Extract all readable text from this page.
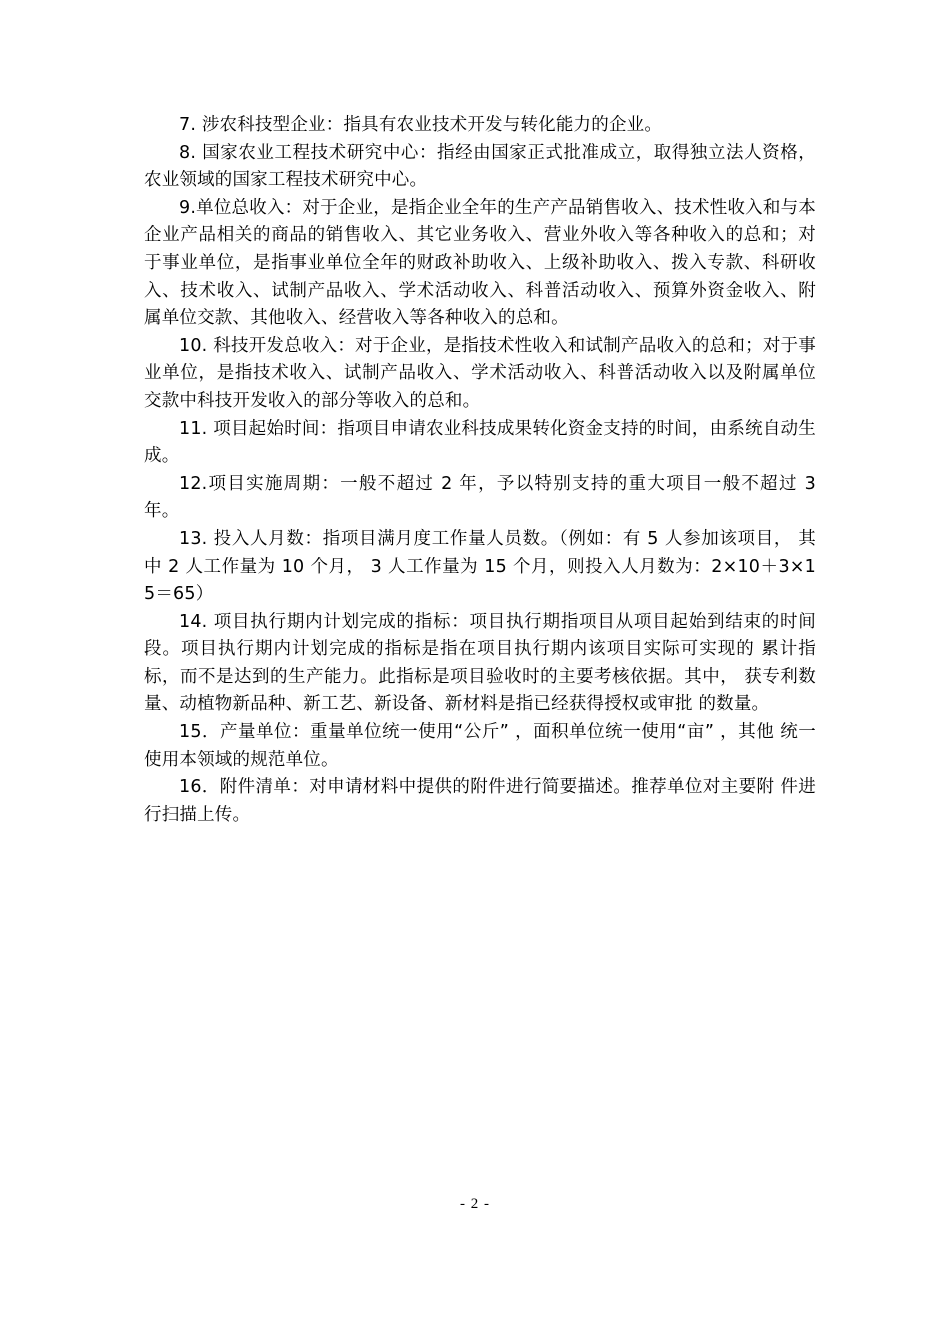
7. 涉农科技型企业：指具有农业技术开发与转化能力的企业。

8. 国家农业工程技术研究中心：指经由国家正式批准成立，取得独立法人资格，农业领域的国家工程技术研究中心。

9.单位总收入：对于企业，是指企业全年的生产产品销售收入、技术性收入和与本企业产品相关的商品的销售收入、其它业务收入、营业外收入等各种收入的总和；对于事业单位，是指事业单位全年的财政补助收入、上级补助收入、拨入专款、科研收入、技术收入、试制产品收入、学术活动收入、科普活动收入、预算外资金收入、附属单位交款、其他收入、经营收入等各种收入的总和。

10. 科技开发总收入：对于企业，是指技术性收入和试制产品收入的总和；对于事业单位，是指技术收入、试制产品收入、学术活动收入、科普活动收入以及附属单位交款中科技开发收入的部分等收入的总和。

11. 项目起始时间：指项目申请农业科技成果转化资金支持的时间，由系统自动生成。

12.项目实施周期：一般不超过 2 年，予以特别支持的重大项目一般不超过 3 年。

13. 投入人月数：指项目满月度工作量人员数。（例如：有 5 人参加该项目， 其中 2 人工作量为 10 个月， 3 人工作量为 15 个月，则投入人月数为：2×10＋3×15＝65）

14. 项目执行期内计划完成的指标：项目执行期指项目从项目起始到结束的时间段。项目执行期内计划完成的指标是指在项目执行期内该项目实际可实现的 累计指标，而不是达到的生产能力。此指标是项目验收时的主要考核依据。其中， 获专利数量、动植物新品种、新工艺、新设备、新材料是指已经获得授权或审批 的数量。

15．产量单位：重量单位统一使用“公斤” ，面积单位统一使用“亩” ，其他 统一使用本领域的规范单位。

16．附件清单：对申请材料中提供的附件进行简要描述。推荐单位对主要附 件进行扫描上传。

- 2 -
